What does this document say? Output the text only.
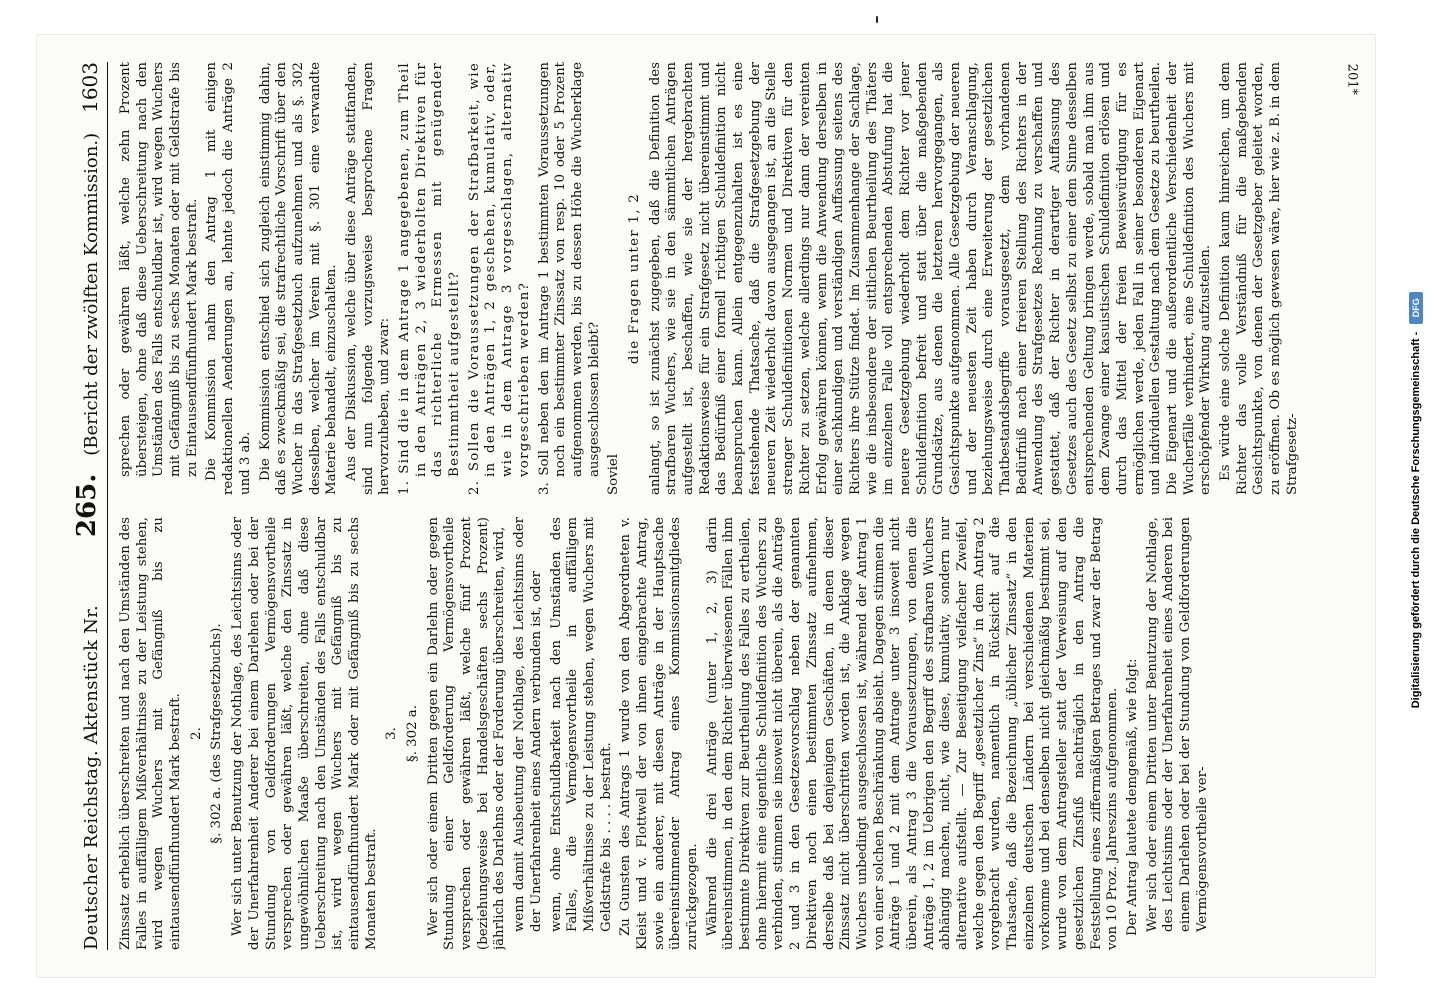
Deutscher Reichstag. Aktenstück Nr.
265.
(Bericht der zwölften Kommission.)
1603

Zinssatz erheblich überschreiten und nach den Umständen des Falles in auffälligem Mißverhältnisse zu der Leistung stehen, wird wegen Wuchers mit Gefängniß bis zu eintausendfünfhundert Mark bestraft. 2. §. 302 a. (des Strafgesetzbuchs). Wer sich unter Benutzung der Nothlage, des Leichtsinns oder der Unerfahrenheit Anderer bei einem Darlehen oder bei der Stundung von Geldforderungen Vermögensvortheile versprechen oder gewähren läßt, welche den Zinssatz in ungewöhnlichen Maaße überschreiten, ohne daß diese Ueberschreitung nach den Umständen des Falls entschuldbar ist, wird wegen Wuchers mit Gefängniß bis zu eintausendfünfhundert Mark oder mit Gefängniß bis zu sechs Monaten bestraft.

3. §. 302 a. Wer sich oder einem Dritten gegen ein Darlehn oder gegen Stundung einer Geldforderung Vermögensvortheile versprechen oder gewähren läßt, welche fünf Prozent (beziehungsweise bei Handelsgeschäften sechs Prozent) jährlich des Darlehns oder der Forderung überschreiten, wird, wenn damit Ausbeutung der Nothlage, des Leichtsinns oder der Unerfahrenheit eines Andern verbunden ist, oder wenn, ohne Entschuldbarkeit nach den Umständen des Falles, die Vermögensvortheile in auffälligem Mißverhältnisse zu der Leistung stehen, wegen Wuchers mit Geldstrafe bis . . . . bestraft. Zu Gunsten des Antrags 1 wurde von den Abgeordneten v. Kleist und v. Flottwell der von ihnen eingebrachte Antrag, sowie ein anderer, mit diesen Anträge in der Hauptsache übereinstimmender Antrag eines Kommissionsmitgliedes zurückgezogen. Während die drei Anträge (unter 1, 2, 3) darin übereinstimmen, in den dem Richter überwiesenen Fällen ihm bestimmte Direktiven zur Beurtheilung des Falles zu ertheilen, ohne hiermit eine eigentliche Schuldefinition des Wuchers zu verbinden, stimmen sie insoweit nicht überein, als die Anträge 2 und 3 in den Gesetzesvorschlag neben der genannten Direktiven noch einen bestimmten Zinssatz aufnehmen, derselbe daß bei denjenigen Geschäften, in denen dieser Zinssatz nicht überschritten worden ist, die Anklage wegen Wuchers unbedingt ausgeschlossen ist, während der Antrag 1 von einer solchen Beschränkung absieht. Dagegen stimmen die Anträge 1 und 2 mit dem Antrage unter 3 insoweit nicht überein, als Antrag 3 die Voraussetzungen, von denen die Anträge 1, 2 im Uebrigen den Begriff des strafbaren Wuchers abhängig machen, nicht, wie diese, kumulativ, sondern nur alternative aufstellt. — Zur Beseitigung vielfacher Zweifel, welche gegen den Begriff „gesetzlicher Zins“ in dem Antrag 2 vorgebracht wurden, namentlich in Rücksicht auf die Thatsache, daß die Bezeichnung „üblicher Zinssatz“ in den einzelnen deutschen Ländern bei verschiedenen Materien vorkomme und bei denselben nicht gleichmäßig bestimmt sei, wurde von dem Antragsteller statt der Verweisung auf den gesetzlichen Zinsfuß nachträglich in den Antrag die Feststellung eines ziffermäßigen Betrages und zwar der Betrag von 10 Proz. Jahreszins aufgenommen. Der Antrag lautete demgemäß, wie folgt: Wer sich oder einem Dritten unter Benutzung der Nothlage, des Leichtsinns oder der Unerfahrenheit eines Anderen bei einem Darlehen oder bei der Stundung von Geldforderungen Vermögensvortheile ver-

sprechen oder gewähren läßt, welche zehn Prozent übersteigen, ohne daß diese Ueberschreitung nach den Umständen des Falls entschuldbar ist, wird wegen Wuchers mit Gefängniß bis zu sechs Monaten oder mit Geldstrafe bis zu Eintausendfünfhundert Mark bestraft. Die Kommission nahm den Antrag 1 mit einigen redaktionellen Aenderungen an, lehnte jedoch die Anträge 2 und 3 ab. Die Kommission entschied sich zugleich einstimmig dahin, daß es zweckmäßig sei, die strafrechtliche Vorschrift über den Wucher in das Strafgesetzbuch aufzunehmen und als §. 302 desselben, welcher im Verein mit §. 301 eine verwandte Materie behandelt, einzuschalten. Aus der Diskussion, welche über diese Anträge stattfanden, sind nun folgende vorzugsweise besprochene Fragen hervorzuheben, und zwar: 1. Sind die in dem Antrage 1 angegebenen, zum Theil in den Anträgen 2, 3 wiederholten Direktiven für das richterliche Ermessen mit genügender Bestimmtheit aufgestellt? 2. Sollen die Voraussetzungen der Strafbarkeit, wie in den Anträgen 1, 2 geschehen, kumulativ, oder, wie in dem Antrage 3 vorgeschlagen, alternativ vorgeschrieben werden? 3. Soll neben den im Antrage 1 bestimmten Voraussetzungen noch ein bestimmter Zinssatz von resp. 10 oder 5 Prozent aufgenommen werden, bis zu dessen Höhe die Wucherklage ausgeschlossen bleibt? Soviel

die Fragen unter 1, 2 anlangt, so ist zunächst zugegeben, daß die Definition des strafbaren Wuchers, wie sie in den sämmtlichen Anträgen aufgestellt ist, beschaffen, wie sie der hergebrachten Redaktionsweise für ein Strafgesetz nicht übereinstimmt und das Bedürfniß einer formell richtigen Schuldefinition nicht beanspruchen kann. Allein entgegenzuhalten ist es eine feststehende Thatsache, daß die Strafgesetzgebung der neueren Zeit wiederholt davon ausgegangen ist, an die Stelle strenger Schuldefinitionen Normen und Direktiven für den Richter zu setzen, welche allerdings nur dann der vereinten Erfolg gewähren können, wenn die Anwendung derselben in einer sachkundigen und verständigen Auffassung seitens des Richters ihre Stütze findet. Im Zusammenhange der Sachlage, wie die insbesondere der sittlichen Beurtheilung des Thäters im einzelnen Falle voll entsprechenden Abstufung hat die neuere Gesetzgebung wiederholt dem Richter vor jener Schuldefinition befreit und statt über die maßgebenden Grundsätze, aus denen die letzteren hervorgegangen, als Gesichtspunkte aufgenommen. Alle Gesetzgebung der neueren und der neuesten Zeit haben durch Veranschlagung, beziehungsweise durch eine Erweiterung der gesetzlichen Thatbestandsbegriffe vorausgesetzt, dem vorhandenen Bedürfniß nach einer freieren Stellung des Richters in der Anwendung des Strafgesetzes Rechnung zu verschaffen und gestattet, daß der Richter in derartiger Auffassung des Gesetzes auch des Gesetz selbst zu einer dem Sinne desselben entsprechenden Geltung bringen werde, sobald man ihm aus dem Zwange einer kasuistischen Schuldefinition erlösen und durch das Mittel der freien Beweiswürdigung für es ermöglichen werde, jeden Fall in seiner besonderen Eigenart und individuellen Gestaltung nach dem Gesetze zu beurtheilen. Die Eigenart und die außerordentliche Verschiedenheit der Wucherfälle verhindert, eine Schuldefinition des Wuchers mit erschöpfender Wirkung aufzustellen. Es würde eine solche Definition kaum hinreichen, um dem Richter das volle Verständniß für die maßgebenden Gesichtspunkte, von denen der Gesetzgeber geleitet worden, zu eröffnen. Ob es möglich gewesen wäre, hier wie z. B. in dem Strafgesetz-

201*
Digitalisierung gefördert durch die Deutsche Forschungsgemeinschaft -
DFG
